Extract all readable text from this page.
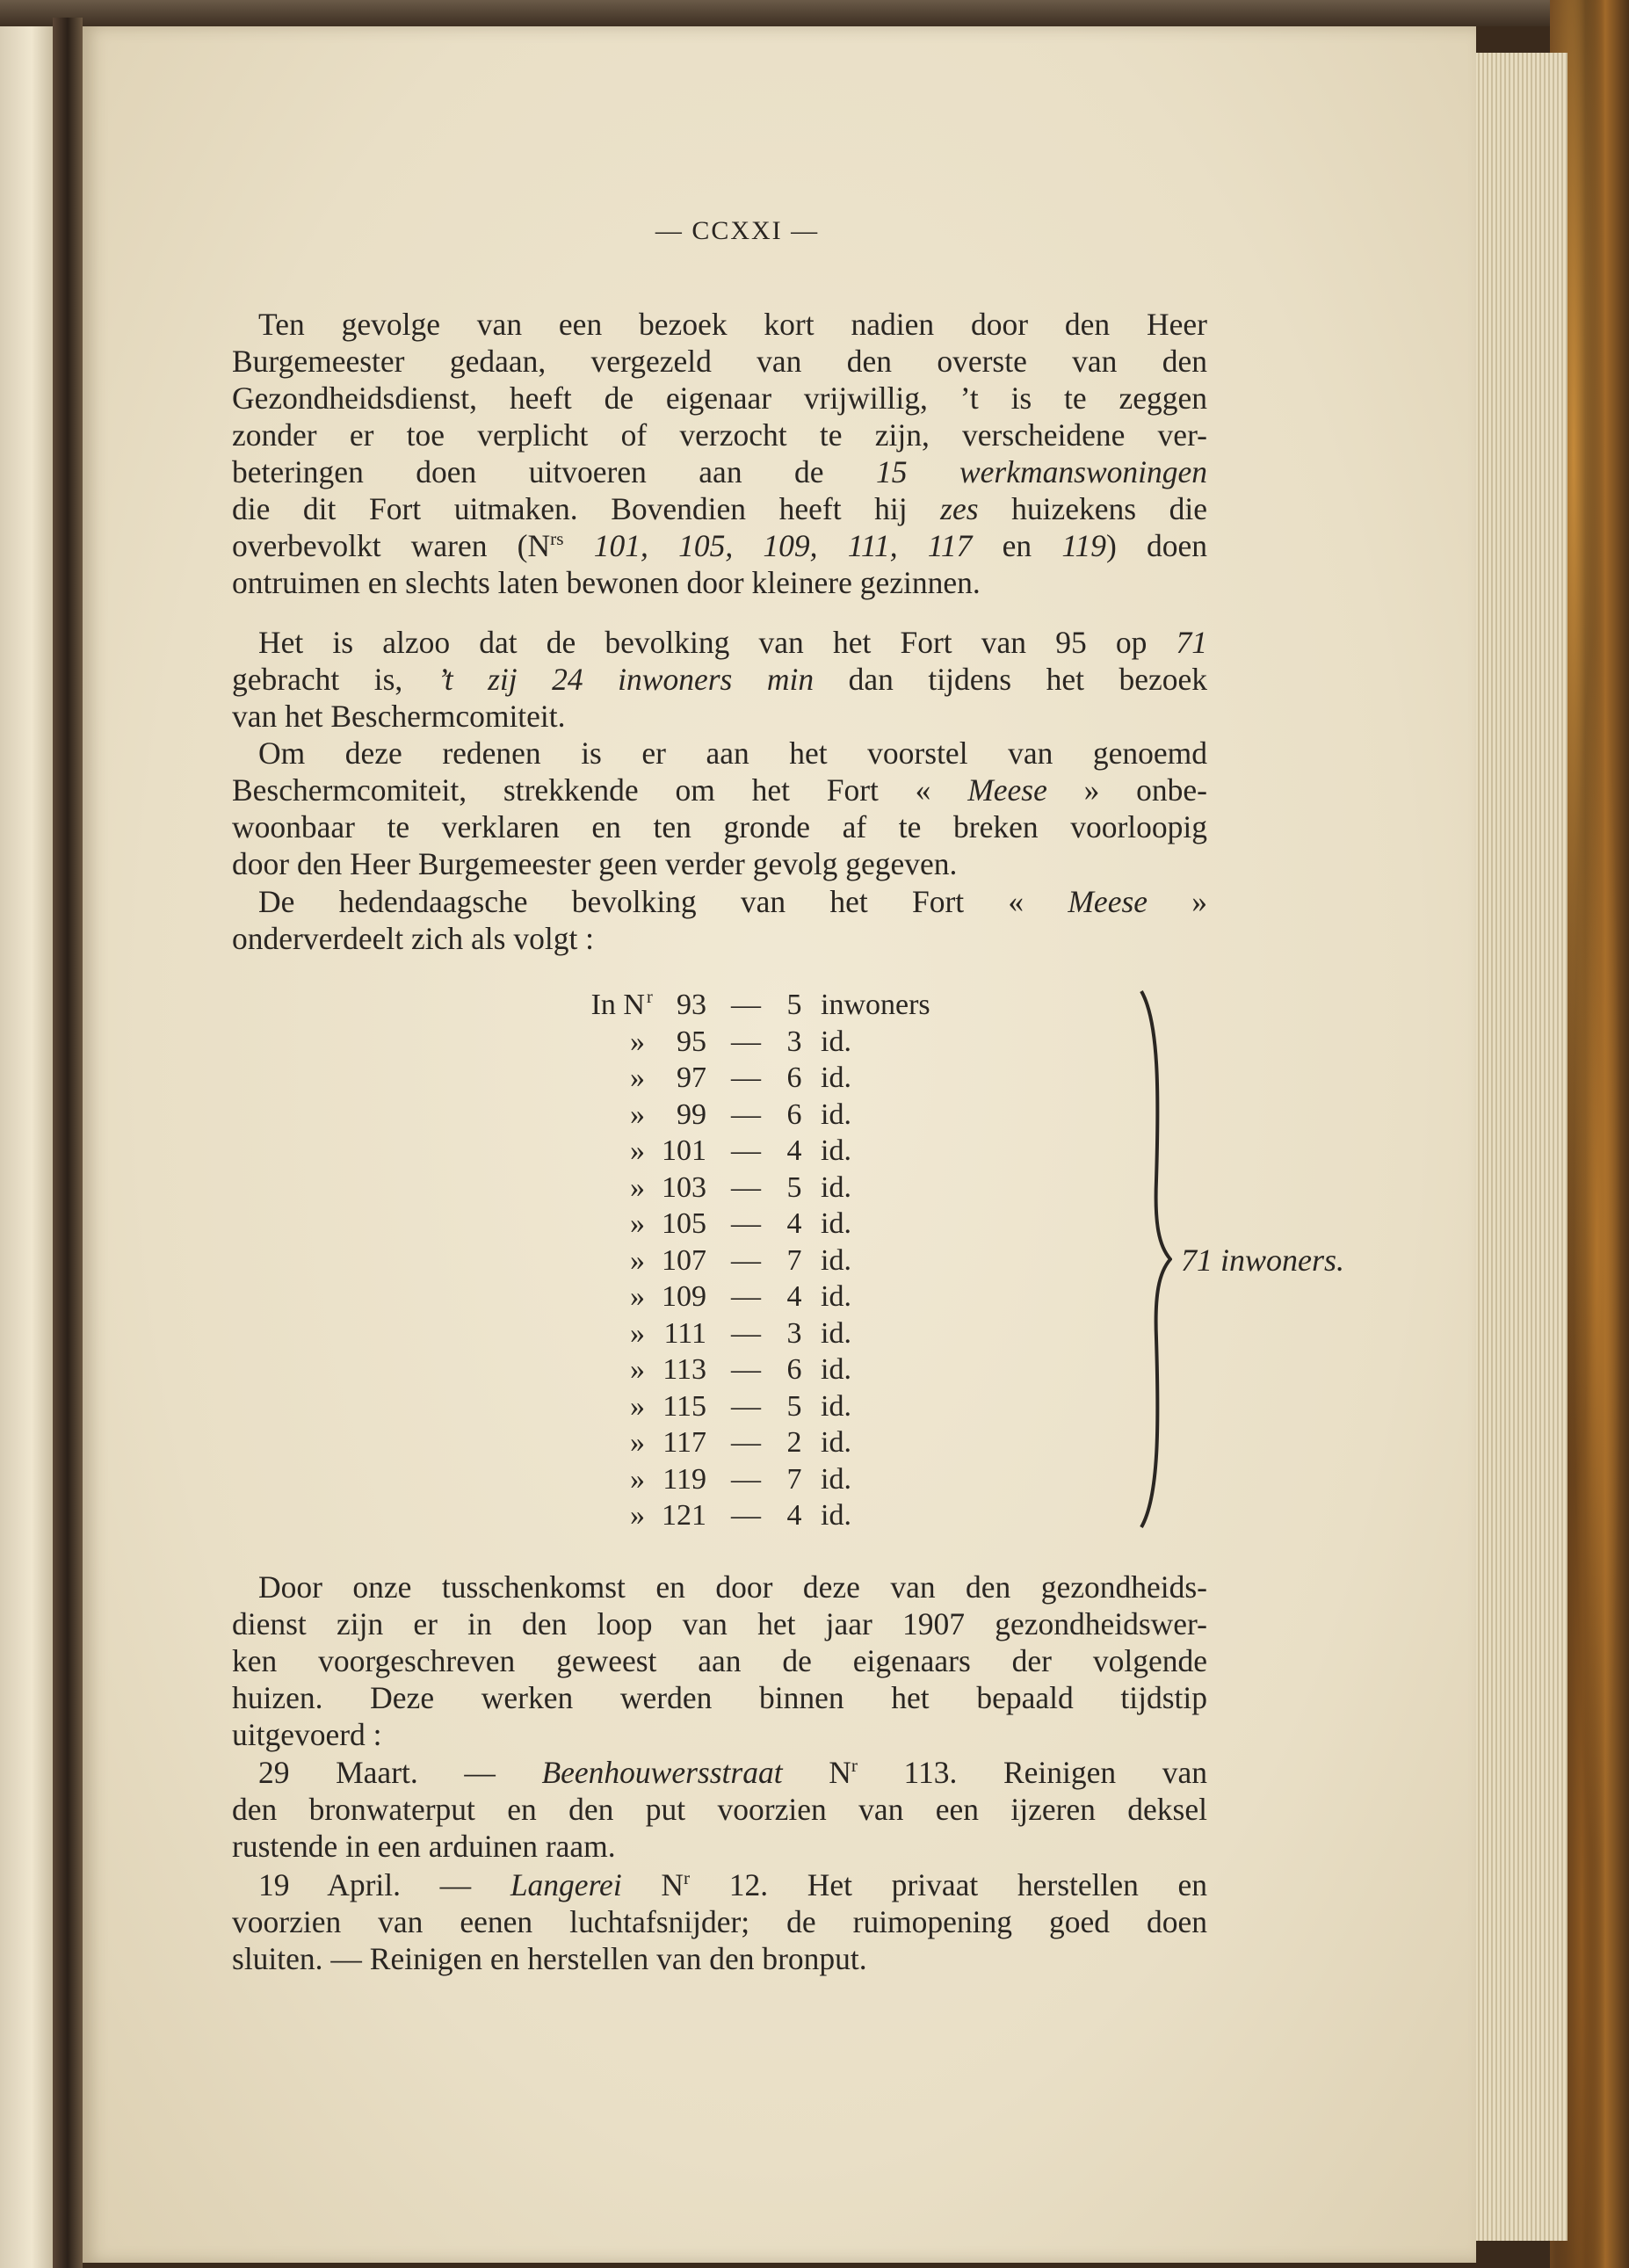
— CCXXI —
Ten gevolge van een bezoek kort nadien door den Heer
Burgemeester gedaan, vergezeld van den overste van den
Gezondheidsdienst, heeft de eigenaar vrijwillig, ’t is te zeggen
zonder er toe verplicht of verzocht te zijn, verscheidene ver-
beteringen doen uitvoeren aan de 15 werkmanswoningen
die dit Fort uitmaken. Bovendien heeft hij zes huizekens die
overbevolkt waren ($N^{rs}$ 101, 105, 109, 111, 117 en 119) doen
ontruimen en slechts laten bewonen door kleinere gezinnen.
Het is alzoo dat de bevolking van het Fort van 95 op 71
gebracht is, ’t zij 24 inwoners min dan tijdens het bezoek
van het Beschermcomiteit.
Om deze redenen is er aan het voorstel van genoemd
Beschermcomiteit, strekkende om het Fort « Meese » onbe-
woonbaar te verklaren en ten gronde af te breken voorloopig
door den Heer Burgemeester geen verder gevolg gegeven.
De hedendaagsche bevolking van het Fort « Meese »
onderverdeelt zich als volgt :
71 inwoners.
In N r 93 — 5 inwoners
»	95 — 3 id.
»	97 — 6 id.
»	99 — 6 id.
» 101 — 4 id.
» 103 — 5 id.
» 105 — 4 id.
» 107 — 7 id.
» 109 — 4 id.
» 111 — 3 id.
» 113 — 6 id.
» 115 — 5 id.
» 117 — 2 id.
» 119 — 7 id.
» 121 — 4 id.
Door onze tusschenkomst en door deze van den gezondheids-
dienst zijn er in den loop van het jaar 1907 gezondheidswer-
ken voorgeschreven geweest aan de eigenaars der volgende
huizen. Deze werken werden binnen het bepaald tijdstip
uitgevoerd :
29 Maart. — Beenhouwersstraat $N^r$ 113. Reinigen van
den bronwaterput en den put voorzien van een ijzeren deksel
rustende in een arduinen raam.
19 April. — Langerei $N^r$ 12. Het privaat herstellen en
voorzien van eenen luchtafsnijder; de ruimopening goed doen
sluiten. — Reinigen en herstellen van den bronput.
